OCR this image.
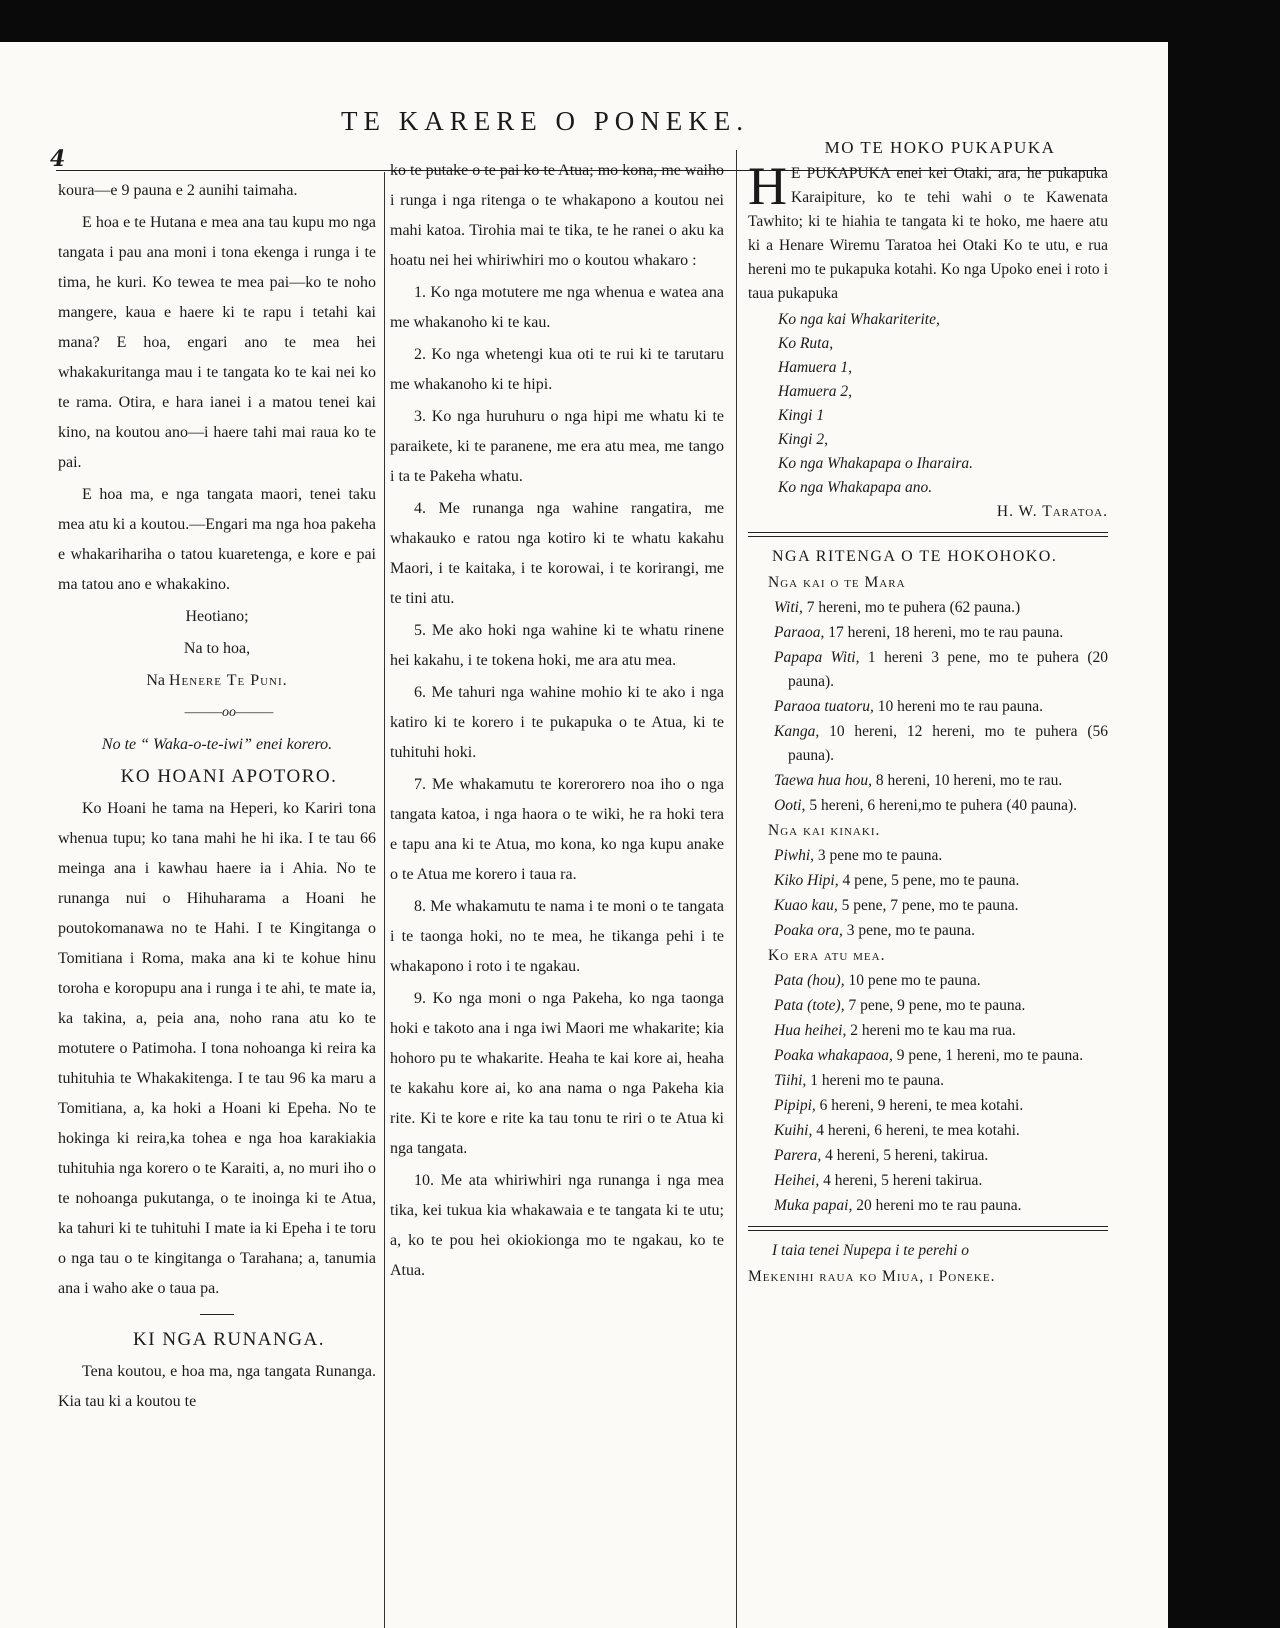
TE KARERE O PONEKE.
4

koura—e 9 pauna e 2 aunihi taimaha.

E hoa e te Hutana e mea ana tau kupu mo nga tangata i pau ana moni i tona ekenga i runga i te tima, he kuri. Ko tewea te mea pai—ko te noho mangere, kaua e haere ki te rapu i tetahi kai mana? E hoa, engari ano te mea hei whakakuritanga mau i te tangata ko te kai nei ko te rama. Otira, e hara ianei i a matou tenei kai kino, na koutou ano—i haere tahi mai raua ko te pai.

E hoa ma, e nga tangata maori, tenei taku mea atu ki a koutou.—Engari ma nga hoa pakeha e whakarihariha o tatou kuaretenga, e kore e pai ma tatou ano e whakakino.

Heotiano;

Na to hoa,

Na Henere Te Puni.

———oo———

No te “ Waka-o-te-iwi” enei korero.

KO HOANI APOTORO.

Ko Hoani he tama na Heperi, ko Kariri tona whenua tupu; ko tana mahi he hi ika. I te tau 66 meinga ana i kawhau haere ia i Ahia. No te runanga nui o Hihuharama a Hoani he poutokomanawa no te Hahi. I te Kingitanga o Tomitiana i Roma, maka ana ki te kohue hinu toroha e koropupu ana i runga i te ahi, te mate ia, ka takina, a, peia ana, noho rana atu ko te motutere o Patimoha. I tona nohoanga ki reira ka tuhituhia te Whakakitenga. I te tau 96 ka maru a Tomitiana, a, ka hoki a Hoani ki Epeha. No te hokinga ki reira,ka tohea e nga hoa karakiakia tuhituhia nga korero o te Karaiti, a, no muri iho o te nohoanga pukutanga, o te inoinga ki te Atua, ka tahuri ki te tuhituhi I mate ia ki Epeha i te toru o nga tau o te kingitanga o Tarahana; a, tanumia ana i waho ake o taua pa.

KI NGA RUNANGA.

Tena koutou, e hoa ma, nga tangata Runanga. Kia tau ki a koutou te

ko te putake o te pai ko te Atua; mo kona, me waiho i runga i nga ritenga o te whakapono a koutou nei mahi katoa. Tirohia mai te tika, te he ranei o aku ka hoatu nei hei whiriwhiri mo o koutou whakaro :

1. Ko nga motutere me nga whenua e watea ana me whakanoho ki te kau.

2. Ko nga whetengi kua oti te rui ki te tarutaru me whakanoho ki te hipi.

3. Ko nga huruhuru o nga hipi me whatu ki te paraikete, ki te paranene, me era atu mea, me tango i ta te Pakeha whatu.

4. Me runanga nga wahine rangatira, me whakauko e ratou nga kotiro ki te whatu kakahu Maori, i te kaitaka, i te korowai, i te korirangi, me te tini atu.

5. Me ako hoki nga wahine ki te whatu rinene hei kakahu, i te tokena hoki, me ara atu mea.

6. Me tahuri nga wahine mohio ki te ako i nga katiro ki te korero i te pukapuka o te Atua, ki te tuhituhi hoki.

7. Me whakamutu te korerorero noa iho o nga tangata katoa, i nga haora o te wiki, he ra hoki tera e tapu ana ki te Atua, mo kona, ko nga kupu anake o te Atua me korero i taua ra.

8. Me whakamutu te nama i te moni o te tangata i te taonga hoki, no te mea, he tikanga pehi i te whakapono i roto i te ngakau.

9. Ko nga moni o nga Pakeha, ko nga taonga hoki e takoto ana i nga iwi Maori me whakarite; kia hohoro pu te whakarite. Heaha te kai kore ai, heaha te kakahu kore ai, ko ana nama o nga Pakeha kia rite. Ki te kore e rite ka tau tonu te riri o te Atua ki nga tangata.

10. Me ata whiriwhiri nga runanga i nga mea tika, kei tukua kia whakawaia e te tangata ki te utu; a, ko te pou hei okiokionga mo te ngakau, ko te Atua.

MO TE HOKO PUKAPUKA

H E PUKAPUKA enei kei Otaki, ara, he pukapuka Karaipiture, ko te tehi wahi o te Kawenata Tawhito; ki te hiahia te tangata ki te hoko, me haere atu ki a Henare Wiremu Taratoa hei Otaki Ko te utu, e rua hereni mo te pukapuka kotahi. Ko nga Upoko enei i roto i taua pukapuka

Ko nga kai Whakariterite,
Ko Ruta,
Hamuera 1,
Hamuera 2,
Kingi 1
Kingi 2,
Ko nga Whakapapa o Iharaira.
Ko nga Whakapapa ano.

H. W. Taratoa.

NGA RITENGA O TE HOKOHOKO.

Nga kai o te Mara

Witi, 7 hereni, mo te puhera (62 pauna.)

Paraoa, 17 hereni, 18 hereni, mo te rau pauna.

Papapa Witi, 1 hereni 3 pene, mo te puhera (20 pauna).

Paraoa tuatoru, 10 hereni mo te rau pauna.

Kanga, 10 hereni, 12 hereni, mo te puhera (56 pauna).

Taewa hua hou, 8 hereni, 10 hereni, mo te rau.

Ooti, 5 hereni, 6 hereni,mo te puhera (40 pauna).

Nga kai kinaki.

Piwhi, 3 pene mo te pauna.

Kiko Hipi, 4 pene, 5 pene, mo te pauna.

Kuao kau, 5 pene, 7 pene, mo te pauna.

Poaka ora, 3 pene, mo te pauna.

Ko era atu mea.

Pata (hou), 10 pene mo te pauna.

Pata (tote), 7 pene, 9 pene, mo te pauna.

Hua heihei, 2 hereni mo te kau ma rua.

Poaka whakapaoa, 9 pene, 1 hereni, mo te pauna.

Tiihi, 1 hereni mo te pauna.

Pipipi, 6 hereni, 9 hereni, te mea kotahi.

Kuihi, 4 hereni, 6 hereni, te mea kotahi.

Parera, 4 hereni, 5 hereni, takirua.

Heihei, 4 hereni, 5 hereni takirua.

Muka papai, 20 hereni mo te rau pauna.

I taia tenei Nupepa i te perehi o

Mekenihi raua ko Miua, i Poneke.
